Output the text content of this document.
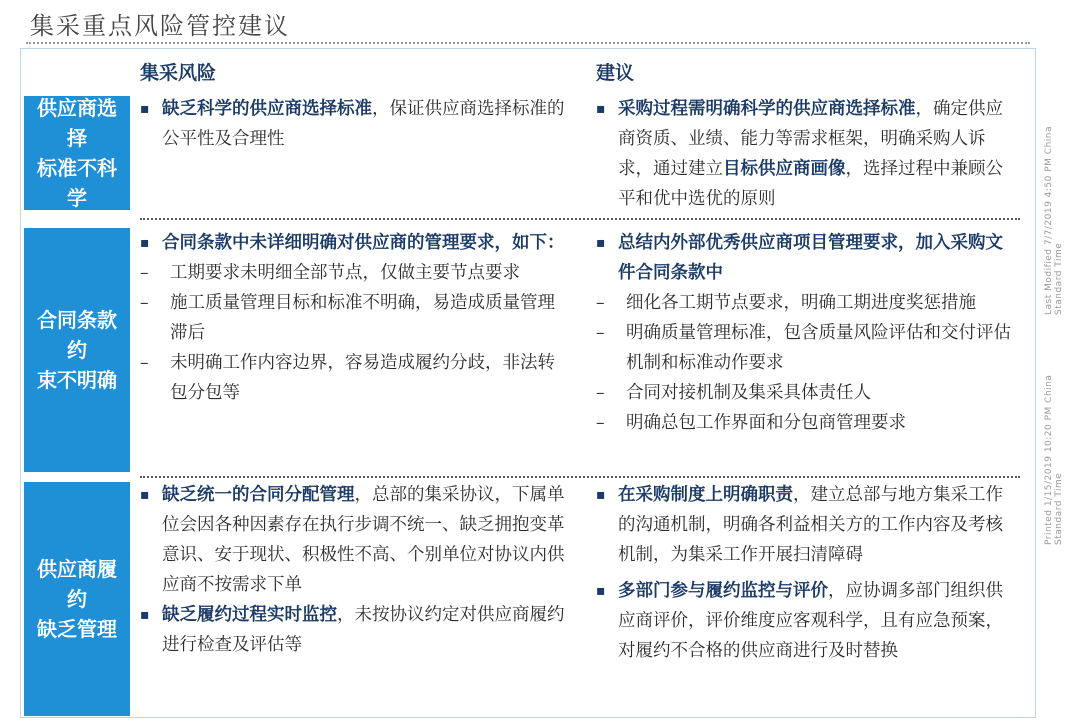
集采重点风险管控建议
集采风险	建议
Last Modified 7/7/2019 4:50 PM China Standard Time
Printed 1/15/2019 10:20 PM China Standard Time
供应商选择
标准不科学
▪ 缺乏科学的供应商选择标准，保证供应商选择标准的公平性及合理性
▪ 采购过程需明确科学的供应商选择标准，确定供应商资质、业绩、能力等需求框架，明确采购人诉求，通过建立目标供应商画像，选择过程中兼顾公平和优中选优的原则
合同条款约
束不明确
▪ 合同条款中未详细明确对供应商的管理要求，如下：
–	工期要求未明细全部节点，仅做主要节点要求
–	施工质量管理目标和标准不明确，易造成质量管理滞后
–	未明确工作内容边界，容易造成履约分歧，非法转包分包等
▪ 总结内外部优秀供应商项目管理要求，加入采购文件合同条款中
–	细化各工期节点要求，明确工期进度奖惩措施
–	明确质量管理标准，包含质量风险评估和交付评估机制和标准动作要求
–	合同对接机制及集采具体责任人
–	明确总包工作界面和分包商管理要求
供应商履约
缺乏管理
▪ 缺乏统一的合同分配管理，总部的集采协议，下属单位会因各种因素存在执行步调不统一、缺乏拥抱变革意识、安于现状、积极性不高、个别单位对协议内供应商不按需求下单
▪ 缺乏履约过程实时监控，未按协议约定对供应商履约进行检查及评估等
▪ 在采购制度上明确职责，建立总部与地方集采工作的沟通机制，明确各利益相关方的工作内容及考核机制，为集采工作开展扫清障碍
▪ 多部门参与履约监控与评价，应协调多部门组织供应商评价，评价维度应客观科学，且有应急预案，对履约不合格的供应商进行及时替换
